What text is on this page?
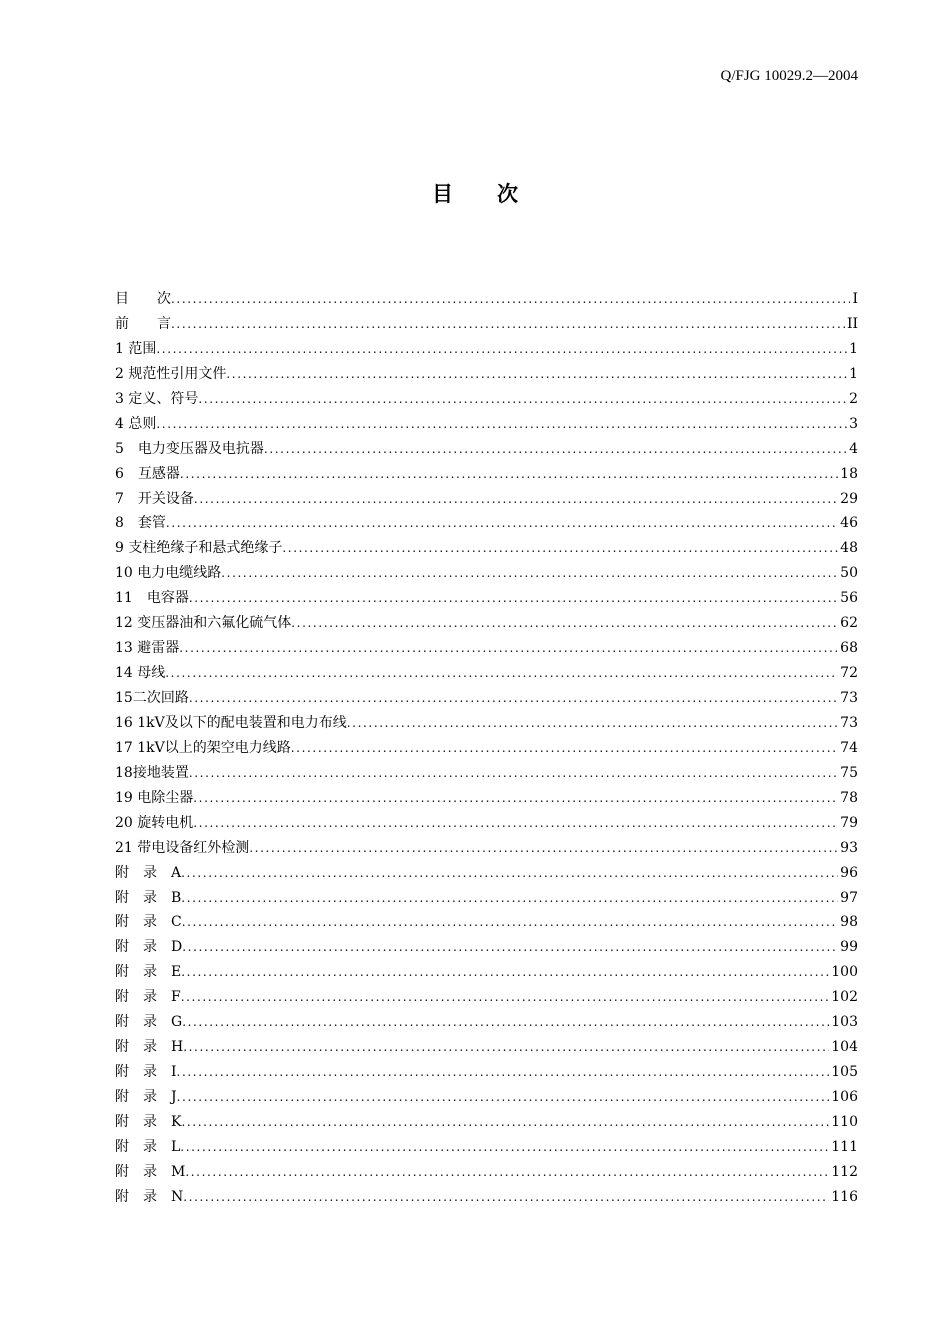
Q/FJG 10029.2—2004
目次
目　　次 .....	I
前　　言 .....	II
1 范围 .....	1
2 规范性引用文件 .....	1
3 定义、符号 .....	2
4 总则 .....	3
5　电力变压器及电抗器 .....	4
6　互感器 .....	18
7　开关设备 .....	29
8　套管 .....	46
9 支柱绝缘子和悬式绝缘子 .....	48
10 电力电缆线路 .....	50
11　电容器 .....	56
12 变压器油和六氟化硫气体 .....	62
13 避雷器 .....	68
14 母线 .....	72
15二次回路 .....	73
16 1kV及以下的配电装置和电力布线 .....	73
17 1kV以上的架空电力线路 .....	74
18接地装置 .....	75
19 电除尘器 .....	78
20 旋转电机 .....	79
21 带电设备红外检测 .....	93
附　录　A .....	96
附　录　B .....	97
附　录　C .....	98
附　录　D .....	99
附　录　E .....	100
附　录　F .....	102
附　录　G .....	103
附　录　H .....	104
附　录　I .....	105
附　录　J .....	106
附　录　K .....	110
附　录　L .....	111
附　录　M .....	112
附　录　N .....	116
